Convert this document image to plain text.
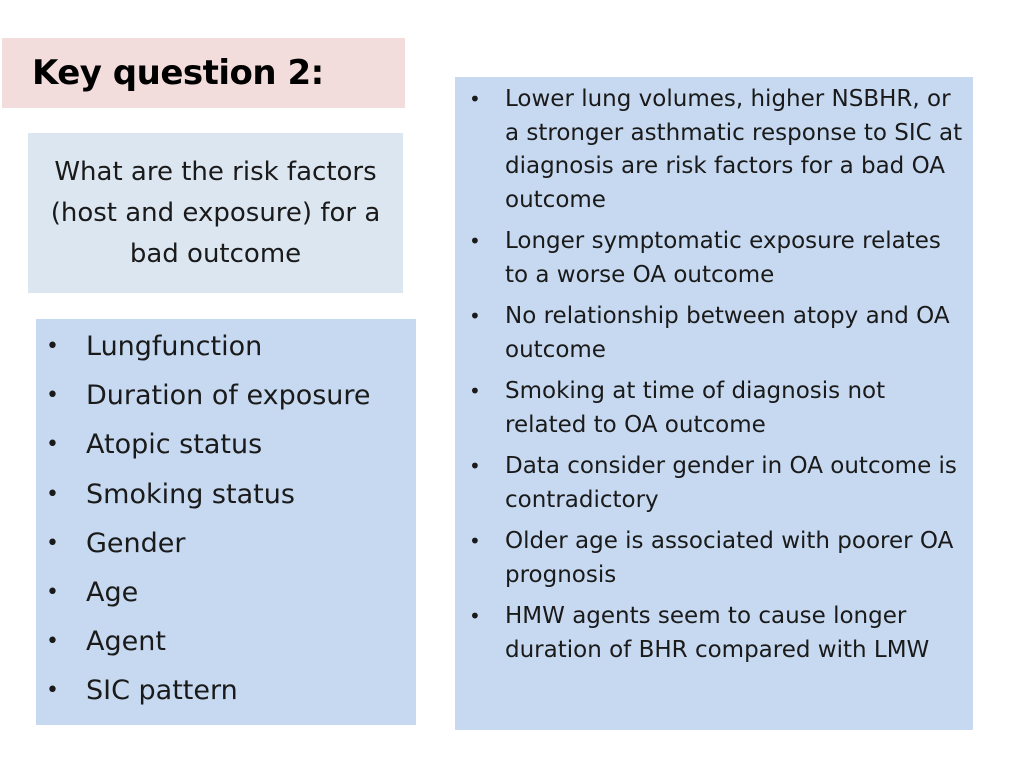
Key question 2:
What are the risk factors (host and exposure) for a bad outcome
• Lungfunction
• Duration of exposure
• Atopic status
• Smoking status
• Gender
• Age
• Agent
• SIC pattern
• Lower lung volumes, higher NSBHR, or a stronger asthmatic response to SIC at diagnosis are risk factors for a bad OA outcome
• Longer symptomatic exposure relates to a worse OA outcome
• No relationship between atopy and OA outcome
• Smoking at time of diagnosis not related to OA outcome
• Data consider gender in OA outcome is contradictory
• Older age is associated with poorer OA prognosis
• HMW agents seem to cause longer duration of BHR compared with LMW
